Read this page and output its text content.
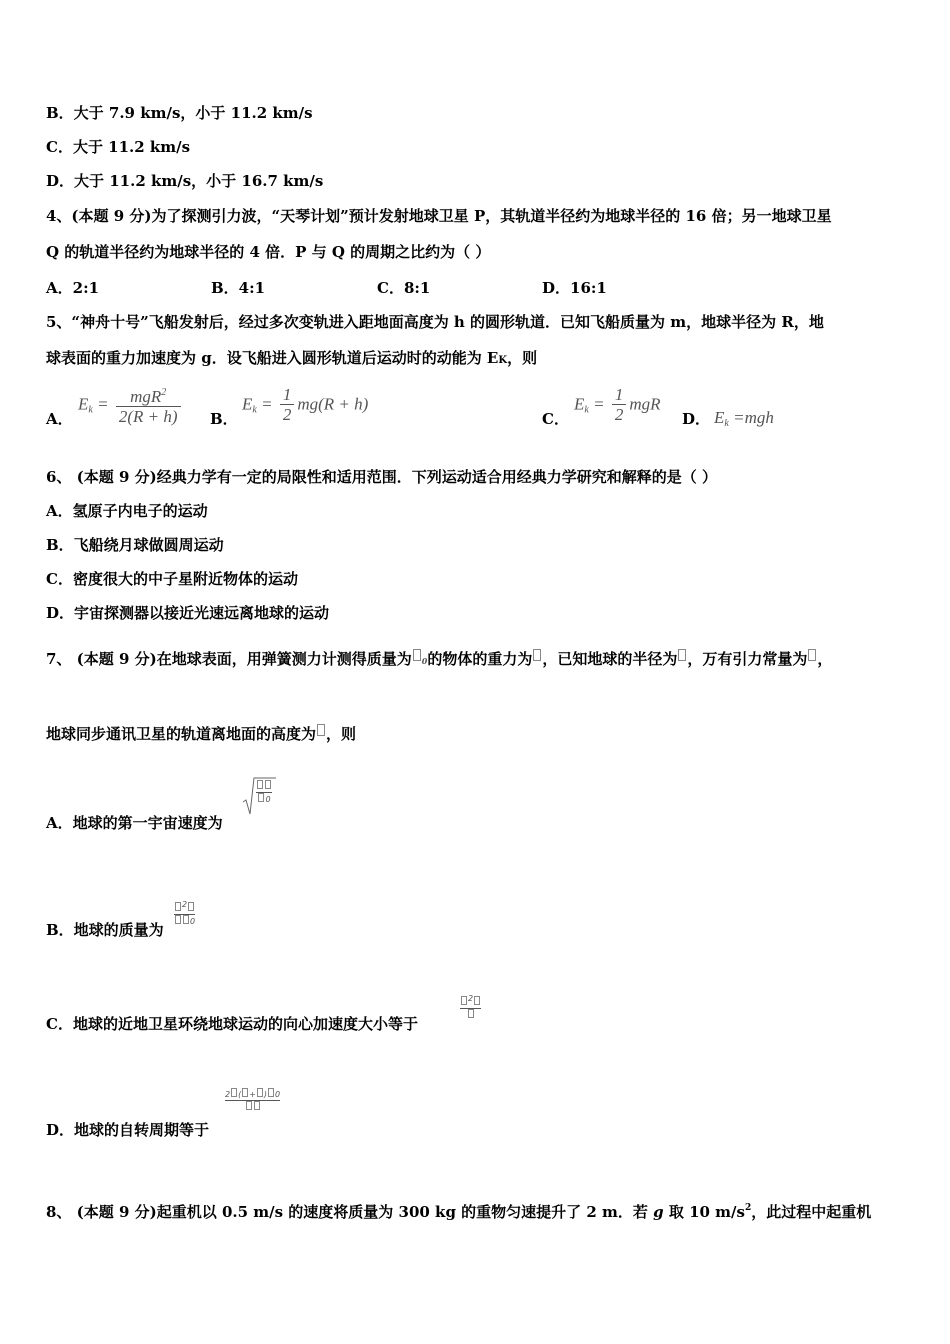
B．大于 7.9 km/s，小于 11.2 km/s
C．大于 11.2 km/s
D．大于 11.2 km/s，小于 16.7 km/s
4、(本题 9 分)为了探测引力波，“天琴计划”预计发射地球卫星 P，其轨道半径约为地球半径的 16 倍；另一地球卫星
Q 的轨道半径约为地球半径的 4 倍．P 与 Q 的周期之比约为（ ）
A．2:1	B．4:1	C．8:1	D．16:1
5、“神舟十号”飞船发射后，经过多次变轨进入距地面高度为 h 的圆形轨道．已知飞船质量为 m，地球半径为 R，地
球表面的重力加速度为 g．设飞船进入圆形轨道后运动时的动能为 EK，则
A．
$E_k = \frac{mgR^2}{2(R + h)}$ B．
$E_k = \frac{1}{2} mg(R + h)$
C．
$E_k = \frac{1}{2}$ mgR
D． $E_k =mgh$
6、 (本题 9 分)经典力学有一定的局限性和适用范围．下列运动适合用经典力学研究和解释的是（ ）
A．氢原子内电子的运动
B．飞船绕月球做圆周运动
C．密度很大的中子星附近物体的运动
D．宇宙探测器以接近光速远离地球的运动
7、 (本题 9 分)在地球表面，用弹簧测力计测得质量为 0的物体的重力为 ，已知地球的半径为 ，万有引力常量为 ，
地球同步通讯卫星的轨道离地面的高度为 ，则
A．地球的第一宇宙速度为
0
B．地球的质量为
2
0
C．地球的近地卫星环绕地球运动的向心加速度大小等于
2
D．地球的自转周期等于
2 ( + ) 0
8、 (本题 9 分)起重机以 0.5 m/s 的速度将质量为 300 kg 的重物匀速提升了 2 m．若 g 取 10 $m/s^2$，此过程中起重机
